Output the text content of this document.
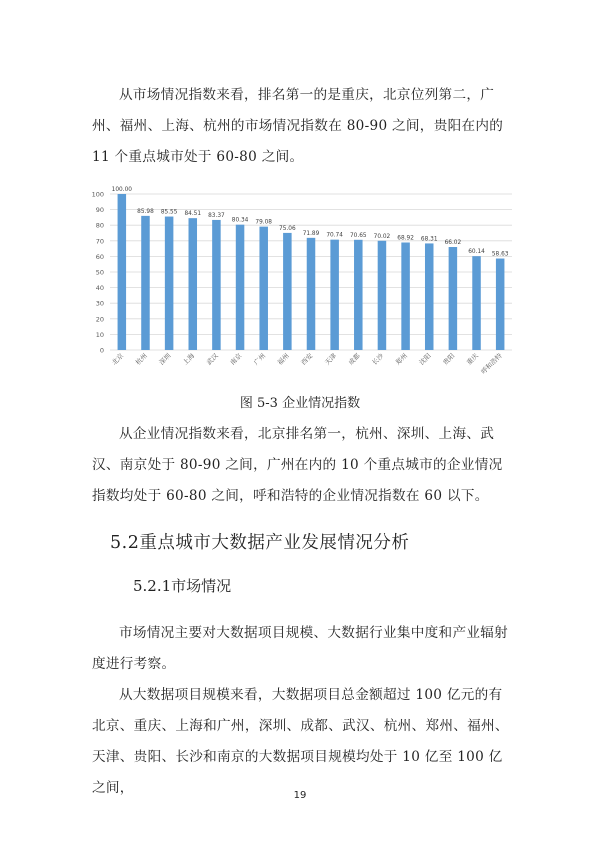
从市场情况指数来看，排名第一的是重庆，北京位列第二，广州、福州、上海、杭州的市场情况指数在 80-90 之间，贵阳在内的 11 个重点城市处于 60-80 之间。

0
10
20
30
40
50
60
70
80
90
100
100.00
北京
85.98
杭州
85.55
深圳
84.51
上海
83.37
武汉
80.34
南京
79.08
广州
75.06
福州
71.89
西安
70.74
天津
70.65
成都
70.02
长沙
68.92
郑州
68.31
沈阳
66.02
贵阳
60.14
重庆
58.63
呼和浩特
图 5-3 企业情况指数

从企业情况指数来看，北京排名第一，杭州、深圳、上海、武汉、南京处于 80-90 之间，广州在内的 10 个重点城市的企业情况指数均处于 60-80 之间，呼和浩特的企业情况指数在 60 以下。

5.2重点城市大数据产业发展情况分析
5.2.1市场情况

市场情况主要对大数据项目规模、大数据行业集中度和产业辐射度进行考察。

从大数据项目规模来看，大数据项目总金额超过 100 亿元的有北京、重庆、上海和广州，深圳、成都、武汉、杭州、郑州、福州、天津、贵阳、长沙和南京的大数据项目规模均处于 10 亿至 100 亿之间，	19
